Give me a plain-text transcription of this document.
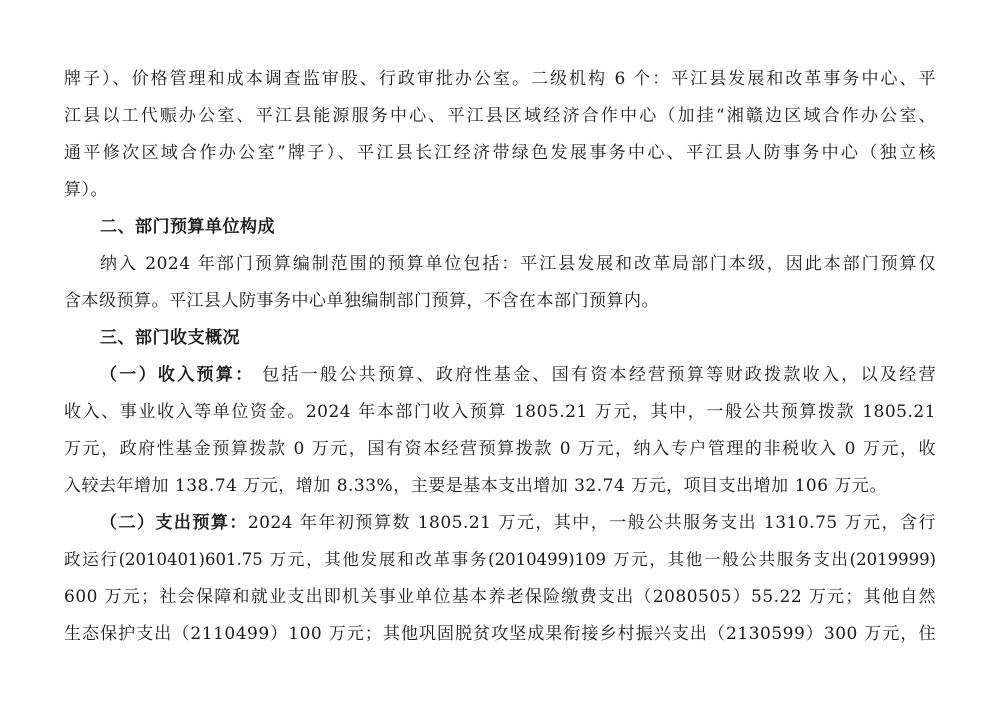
牌子）、价格管理和成本调查监审股、行政审批办公室。二级机构 6 个：平江县发展和改革事务中心、平
江县以工代赈办公室、平江县能源服务中心、平江县区域经济合作中心（加挂“湘赣边区域合作办公室、
通平修次区域合作办公室”牌子）、平江县长江经济带绿色发展事务中心、平江县人防事务中心（独立核
算）。
二、部门预算单位构成
纳入 2024 年部门预算编制范围的预算单位包括：平江县发展和改革局部门本级，因此本部门预算仅
含本级预算。平江县人防事务中心单独编制部门预算，不含在本部门预算内。
三、部门收支概况
（一）收入预算： 包括一般公共预算、政府性基金、国有资本经营预算等财政拨款收入，以及经营
收入、事业收入等单位资金。2024 年本部门收入预算 1805.21 万元，其中，一般公共预算拨款 1805.21
万元，政府性基金预算拨款 0 万元，国有资本经营预算拨款 0 万元，纳入专户管理的非税收入 0 万元，收
入较去年增加 138.74 万元，增加 8.33%，主要是基本支出增加 32.74 万元，项目支出增加 106 万元。
（二）支出预算：2024 年年初预算数 1805.21 万元，其中，一般公共服务支出 1310.75 万元，含行
政运行(2010401)601.75 万元，其他发展和改革事务(2010499)109 万元，其他一般公共服务支出(2019999)
600 万元；社会保障和就业支出即机关事业单位基本养老保险缴费支出（2080505）55.22 万元；其他自然
生态保护支出（2110499）100 万元；其他巩固脱贫攻坚成果衔接乡村振兴支出（2130599）300 万元，住
